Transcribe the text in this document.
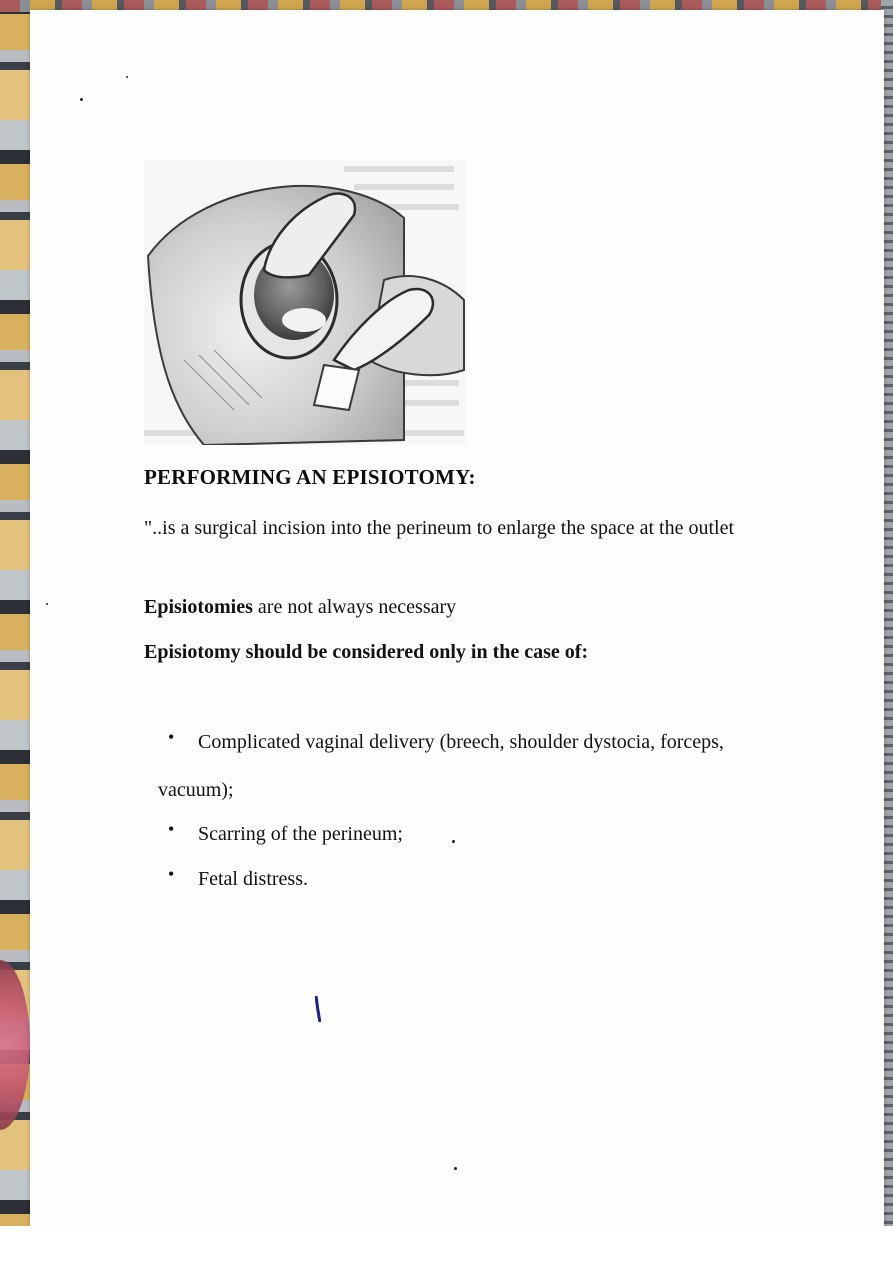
PERFORMING AN EPISIOTOMY:

"..is a surgical incision into the perineum to enlarge the space at the outlet

Episiotomies are not always necessary

Episiotomy should be considered only in the case of:

• Complicated vaginal delivery (breech, shoulder dystocia, forceps,

vacuum);

• Scarring of the perineum;

• Fetal distress.
